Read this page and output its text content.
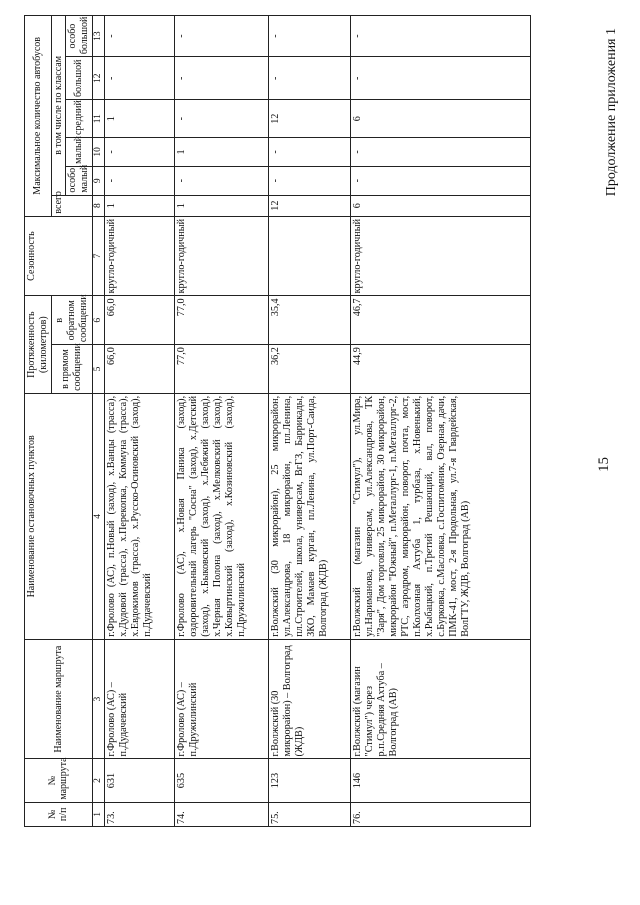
15
Продолжение приложения 1
№ п/п	№ маршрута	Наименование маршрута	Наименование остановочных пунктов	Протяженность (километров)		Сезонность	Максимальное количество автобусов					
				в прямом сообщении	в обратном сообщении		всего	в том числе по классам				
								особо малый	малый	средний	большой	особо большой
1	2	3	4	5	6	7	8	9	10	11	12	13
73.	631	г.Фролово (АС) – п.Дудачевский	г.Фролово (АС), п.Новый (заход), х.Ванцы (трасса), х.Дудовой (трасса), х.Перекопка, Коммуна (трасса), х.Евдокимов (трасса), х.Русско-Осиновский (заход), п.Дудачевский	66,0	66,0	кругло-годичный	1	-	-	1	-	-
74.	635	г.Фролово (АС) – п.Дружилинский	г.Фролово (АС), х.Новая Паника (заход), оздоровительный лагерь "Сосна" (заход), х.Детский (заход), х.Быковский (заход), х.Лебяжий (заход), х.Черная Полона (заход), х.Мелковский (заход), х.Ковыртинский (заход), х.Козиновский (заход), п.Дружилинский	77,0	77,0	кругло-годичный	1	-	1	-	-	-
75.	123	г.Волжский (30 микрорайон) – Волгоград (ЖДВ)	г.Волжский (30 микрорайон), 25 микрорайон, ул.Александрова, 18 микрорайон, пл.Ленина, пл.Строителей, школа, универсам, ВгГЗ, Баррикады, ЗКО, Мамаев курган, пл.Ленина, ул.Порт-Саида, Волгоград (ЖДВ)	36,2	35,4		12	-	-	12	-	-
76.	146	г.Волжский (магазин "Стимул") через р.п.Средняя Ахтуба – Волгоград (АВ)	г.Волжский (магазин "Стимул"), ул.Мира, ул.Нариманова, универсам, ул.Александрова, ТК "Заря", Дом торговли, 25 микрорайон, 30 микрорайон, микрорайон "Южный", п.Металлург-1, п.Металлург-2, РТС, аэродром, микрорайон, поворот, почта, мост, п.Колхозная Ахтуба 1, турбаза, х.Новенький, х.Рыбацкий, п.Третий Решающий, вал, поворот, с.Бурковка, с.Масловка, с.Госпитомник, Озерная, дачи, ПМК-41, мост, 2-я Продольная, ул.7-я Гвардейская, ВолГТУ, ЖДВ, Волгоград (АВ)	44,9	46,7	кругло-годичный	6	-	-	6	-	-
